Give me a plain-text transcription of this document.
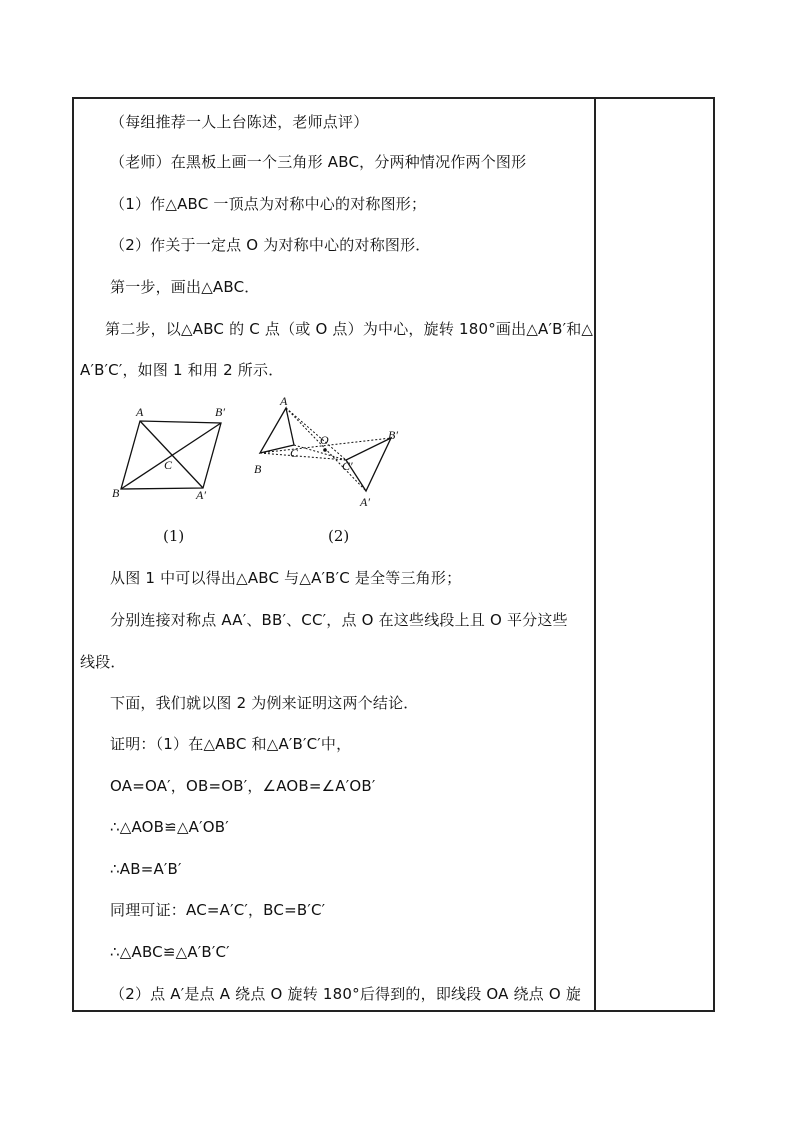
（每组推荐一人上台陈述，老师点评）
（老师）在黑板上画一个三角形 ABC，分两种情况作两个图形
（1）作△ABC 一顶点为对称中心的对称图形；
（2）作关于一定点 O 为对称中心的对称图形．
第一步，画出△ABC．
第二步，以△ABC 的 C 点（或 O 点）为中心，旋转 180°画出△A′B′和△
A′B′C′，如图 1 和用 2 所示．
A	B′
C
B	A′
A
O	B′
C
C′
B
A′
(1)	(2)
从图 1 中可以得出△ABC 与△A′B′C 是全等三角形；
分别连接对称点 AA′、BB′、CC′，点 O 在这些线段上且 O 平分这些
线段．
下面，我们就以图 2 为例来证明这两个结论．
证明：（1）在△ABC 和△A′B′C′中，
OA=OA′，OB=OB′，∠AOB=∠A′OB′
∴△AOB≌△A′OB′
∴AB=A′B′
同理可证：AC=A′C′，BC=B′C′
∴△ABC≌△A′B′C′
（2）点 A′是点 A 绕点 O 旋转 180°后得到的，即线段 OA 绕点 O 旋
